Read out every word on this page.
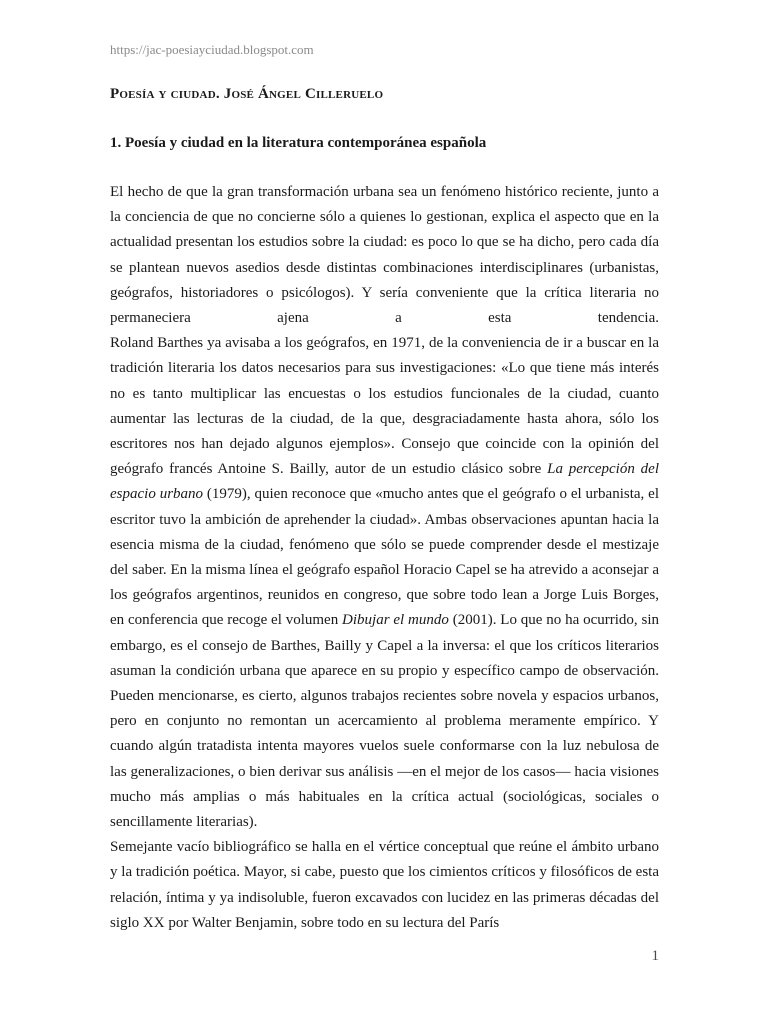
https://jac-poesiayciudad.blogspot.com
Poesía y ciudad. José Ángel Cilleruelo
1. Poesía y ciudad en la literatura contemporánea española

El hecho de que la gran transformación urbana sea un fenómeno histórico reciente, junto a la conciencia de que no concierne sólo a quienes lo gestionan, explica el aspecto que en la actualidad presentan los estudios sobre la ciudad: es poco lo que se ha dicho, pero cada día se plantean nuevos asedios desde distintas combinaciones interdisciplinares (urbanistas, geógrafos, historiadores o psicólogos). Y sería conveniente que la crítica literaria no permaneciera ajena a esta tendencia.

Roland Barthes ya avisaba a los geógrafos, en 1971, de la conveniencia de ir a buscar en la tradición literaria los datos necesarios para sus investigaciones: «Lo que tiene más interés no es tanto multiplicar las encuestas o los estudios funcionales de la ciudad, cuanto aumentar las lecturas de la ciudad, de la que, desgraciadamente hasta ahora, sólo los escritores nos han dejado algunos ejemplos». Consejo que coincide con la opinión del geógrafo francés Antoine S. Bailly, autor de un estudio clásico sobre La percepción del espacio urbano (1979), quien reconoce que «mucho antes que el geógrafo o el urbanista, el escritor tuvo la ambición de aprehender la ciudad». Ambas observaciones apuntan hacia la esencia misma de la ciudad, fenómeno que sólo se puede comprender desde el mestizaje del saber. En la misma línea el geógrafo español Horacio Capel se ha atrevido a aconsejar a los geógrafos argentinos, reunidos en congreso, que sobre todo lean a Jorge Luis Borges, en conferencia que recoge el volumen Dibujar el mundo (2001). Lo que no ha ocurrido, sin embargo, es el consejo de Barthes, Bailly y Capel a la inversa: el que los críticos literarios asuman la condición urbana que aparece en su propio y específico campo de observación. Pueden mencionarse, es cierto, algunos trabajos recientes sobre novela y espacios urbanos, pero en conjunto no remontan un acercamiento al problema meramente empírico. Y cuando algún tratadista intenta mayores vuelos suele conformarse con la luz nebulosa de las generalizaciones, o bien derivar sus análisis —en el mejor de los casos— hacia visiones mucho más amplias o más habituales en la crítica actual (sociológicas, sociales o sencillamente literarias).

Semejante vacío bibliográfico se halla en el vértice conceptual que reúne el ámbito urbano y la tradición poética. Mayor, si cabe, puesto que los cimientos críticos y filosóficos de esta relación, íntima y ya indisoluble, fueron excavados con lucidez en las primeras décadas del siglo XX por Walter Benjamin, sobre todo en su lectura del París

1
